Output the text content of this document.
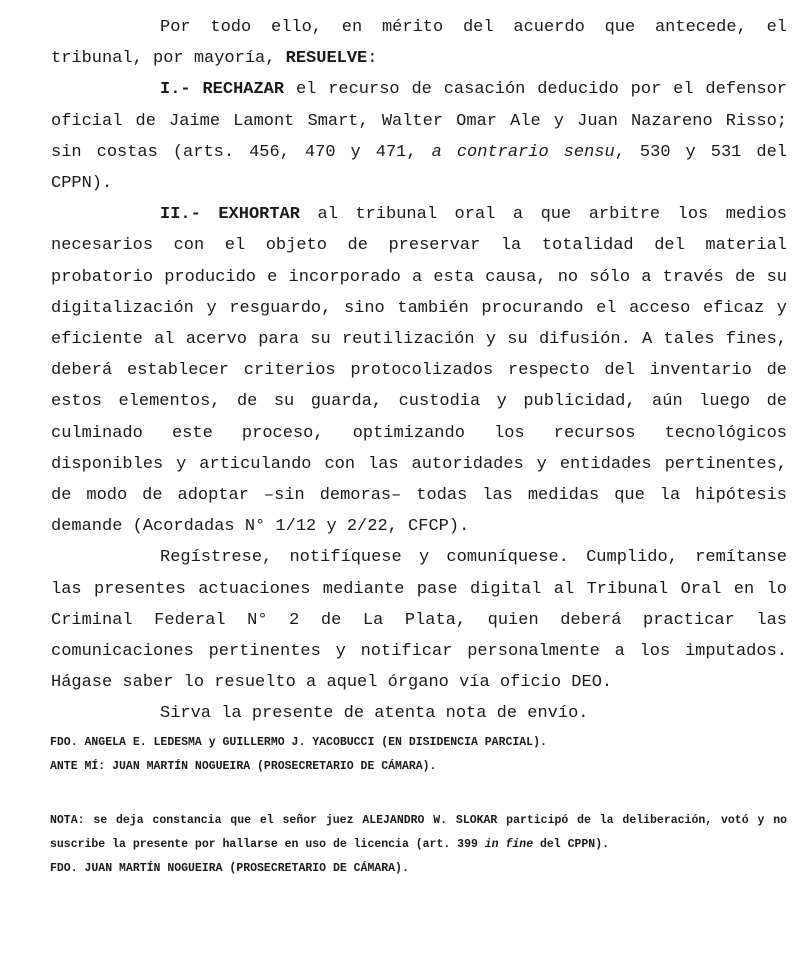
Por todo ello, en mérito del acuerdo que antecede, el tribunal, por mayoría, RESUELVE:

I.- RECHAZAR el recurso de casación deducido por el defensor oficial de Jaime Lamont Smart, Walter Omar Ale y Juan Nazareno Risso; sin costas (arts. 456, 470 y 471, a contrario sensu, 530 y 531 del CPPN).

II.- EXHORTAR al tribunal oral a que arbitre los medios necesarios con el objeto de preservar la totalidad del material probatorio producido e incorporado a esta causa, no sólo a través de su digitalización y resguardo, sino también procurando el acceso eficaz y eficiente al acervo para su reutilización y su difusión. A tales fines, deberá establecer criterios protocolizados respecto del inventario de estos elementos, de su guarda, custodia y publicidad, aún luego de culminado este proceso, optimizando los recursos tecnológicos disponibles y articulando con las autoridades y entidades pertinentes, de modo de adoptar –sin demoras– todas las medidas que la hipótesis demande (Acordadas N° 1/12 y 2/22, CFCP).

Regístrese, notifíquese y comuníquese. Cumplido, remítanse las presentes actuaciones mediante pase digital al Tribunal Oral en lo Criminal Federal N° 2 de La Plata, quien deberá practicar las comunicaciones pertinentes y notificar personalmente a los imputados. Hágase saber lo resuelto a aquel órgano vía oficio DEO.

Sirva la presente de atenta nota de envío.

FDO. ANGELA E. LEDESMA y GUILLERMO J. YACOBUCCI (EN DISIDENCIA PARCIAL).

ANTE MÍ: JUAN MARTÍN NOGUEIRA (PROSECRETARIO DE CÁMARA).

NOTA: se deja constancia que el señor juez ALEJANDRO W. SLOKAR participó de la deliberación, votó y no suscribe la presente por hallarse en uso de licencia (art. 399 in fine del CPPN).

FDO. JUAN MARTÍN NOGUEIRA (PROSECRETARIO DE CÁMARA).
